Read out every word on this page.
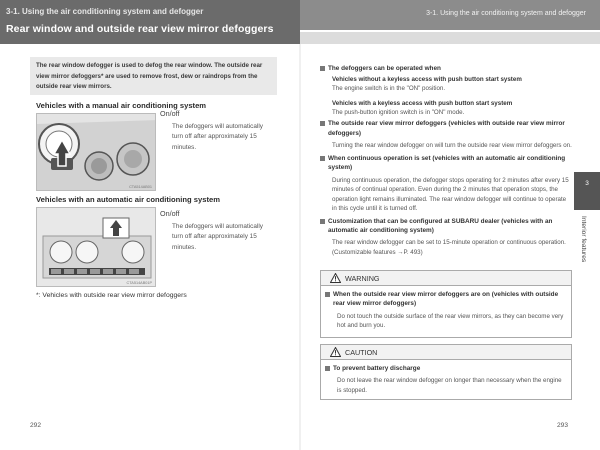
3-1. Using the air conditioning system and defogger
Rear window and outside rear view mirror defoggers
3-1. Using the air conditioning system and defogger

The rear window defogger is used to defog the rear window. The outside rear view mirror defoggers* are used to remove frost, dew or raindrops from the outside rear view mirrors.

Vehicles with a manual air conditioning system
CTA514AB01
On/off
The defoggers will automatically turn off after approximately 15 minutes.
Vehicles with an automatic air conditioning system
CTA514AB01P
On/off
The defoggers will automatically turn off after approximately 15 minutes.
*: Vehicles with outside rear view mirror defoggers
292
The defoggers can be operated when
Vehicles without a keyless access with push button start system
The engine switch is in the "ON" position.
Vehicles with a keyless access with push button start system
The push-button ignition switch is in "ON" mode.
The outside rear view mirror defoggers (vehicles with outside rear view mirror defoggers)
Turning the rear window defogger on will turn the outside rear view mirror defoggers on.
When continuous operation is set (vehicles with an automatic air conditioning system)
During continuous operation, the defogger stops operating for 2 minutes after every 15 minutes of continual operation. Even during the 2 minutes that operation stops, the operation light remains illuminated. The rear window defogger will continue to operate in this cycle until it is turned off.
Customization that can be configured at SUBARU dealer (vehicles with an automatic air conditioning system)
The rear window defogger can be set to 15-minute operation or continuous operation. (Customizable features →P. 493)
3
Interior features
WARNING
When the outside rear view mirror defoggers are on (vehicles with outside rear view mirror defoggers)
Do not touch the outside surface of the rear view mirrors, as they can become very hot and burn you.
CAUTION
To prevent battery discharge
Do not leave the rear window defogger on longer than necessary when the engine is stopped.
293
